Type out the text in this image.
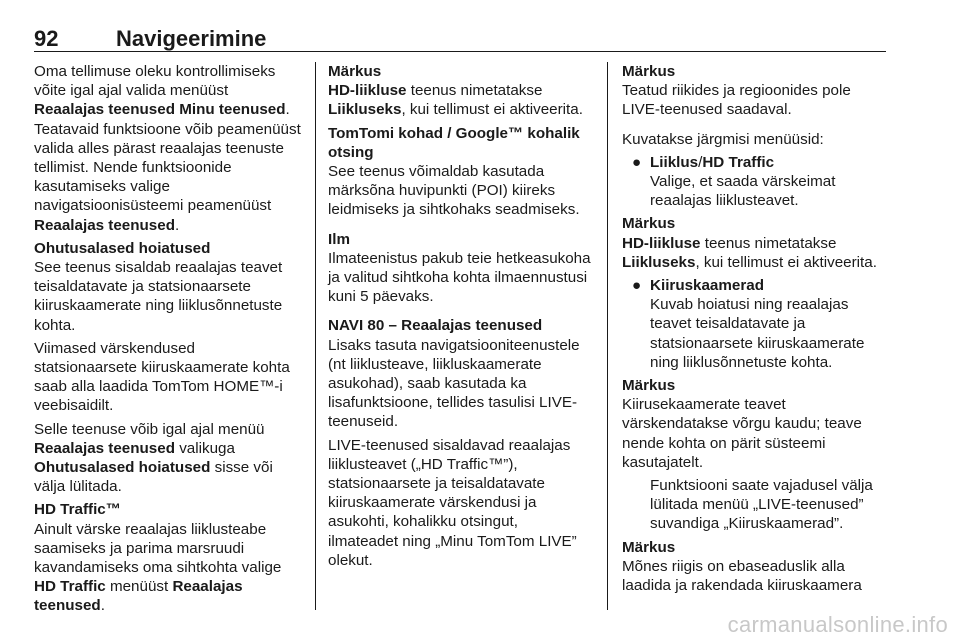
92	Navigeerimine

Oma tellimuse oleku kontrollimiseks võite igal ajal valida menüüst Reaalajas teenused Minu teenused. Teatavaid funktsioone võib peamenüüst valida alles pärast reaalajas teenuste tellimist. Nende funktsioonide kasutamiseks valige navigatsioonisüsteemi peamenüüst Reaalajas teenused.

Ohutusalased hoiatused

See teenus sisaldab reaalajas teavet teisaldatavate ja statsionaarsete kiiruskaamerate ning liiklusõnnetuste kohta.

Viimased värskendused statsionaarsete kiiruskaamerate kohta saab alla laadida TomTom HOME™-i veebisaidilt.

Selle teenuse võib igal ajal menüü Reaalajas teenused valikuga Ohutusalased hoiatused sisse või välja lülitada.

HD Traffic™

Ainult värske reaalajas liiklusteabe saamiseks ja parima marsruudi kavandamiseks oma sihtkohta valige HD Traffic menüüst Reaalajas teenused.

Märkus

HD-liikluse teenus nimetatakse Liikluseks, kui tellimust ei aktiveerita.

TomTomi kohad / Google™ kohalik otsing

See teenus võimaldab kasutada märksõna huvipunkti (POI) kiireks leidmiseks ja sihtkohaks seadmiseks.

Ilm

Ilmateenistus pakub teie hetkeasukoha ja valitud sihtkoha kohta ilmaennustusi kuni 5 päevaks.

NAVI 80 – Reaalajas teenused

Lisaks tasuta navigatsiooniteenustele (nt liiklusteave, liikluskaamerate asukohad), saab kasutada ka lisafunktsioone, tellides tasulisi LIVE-teenuseid.

LIVE-teenused sisaldavad reaalajas liiklusteavet („HD Traffic™”), statsionaarsete ja teisaldatavate kiiruskaamerate värskendusi ja asukohti, kohalikku otsingut, ilmateadet ning „Minu TomTom LIVE” olekut.

Märkus

Teatud riikides ja regioonides pole LIVE-teenused saadaval.

Kuvatakse järgmisi menüüsid:

● Liiklus/HD Traffic

Valige, et saada värskeimat reaalajas liiklusteavet.

Märkus

HD-liikluse teenus nimetatakse Liikluseks, kui tellimust ei aktiveerita.

● Kiiruskaamerad

Kuvab hoiatusi ning reaalajas teavet teisaldatavate ja statsionaarsete kiiruskaamerate ning liiklusõnnetuste kohta.

Märkus

Kiirusekaamerate teavet värskendatakse võrgu kaudu; teave nende kohta on pärit süsteemi kasutajatelt.

Funktsiooni saate vajadusel välja lülitada menüü „LIVE-teenused” suvandiga „Kiiruskaamerad”.

Märkus

Mõnes riigis on ebaseaduslik alla laadida ja rakendada kiiruskaamera

carmanualsonline.info
